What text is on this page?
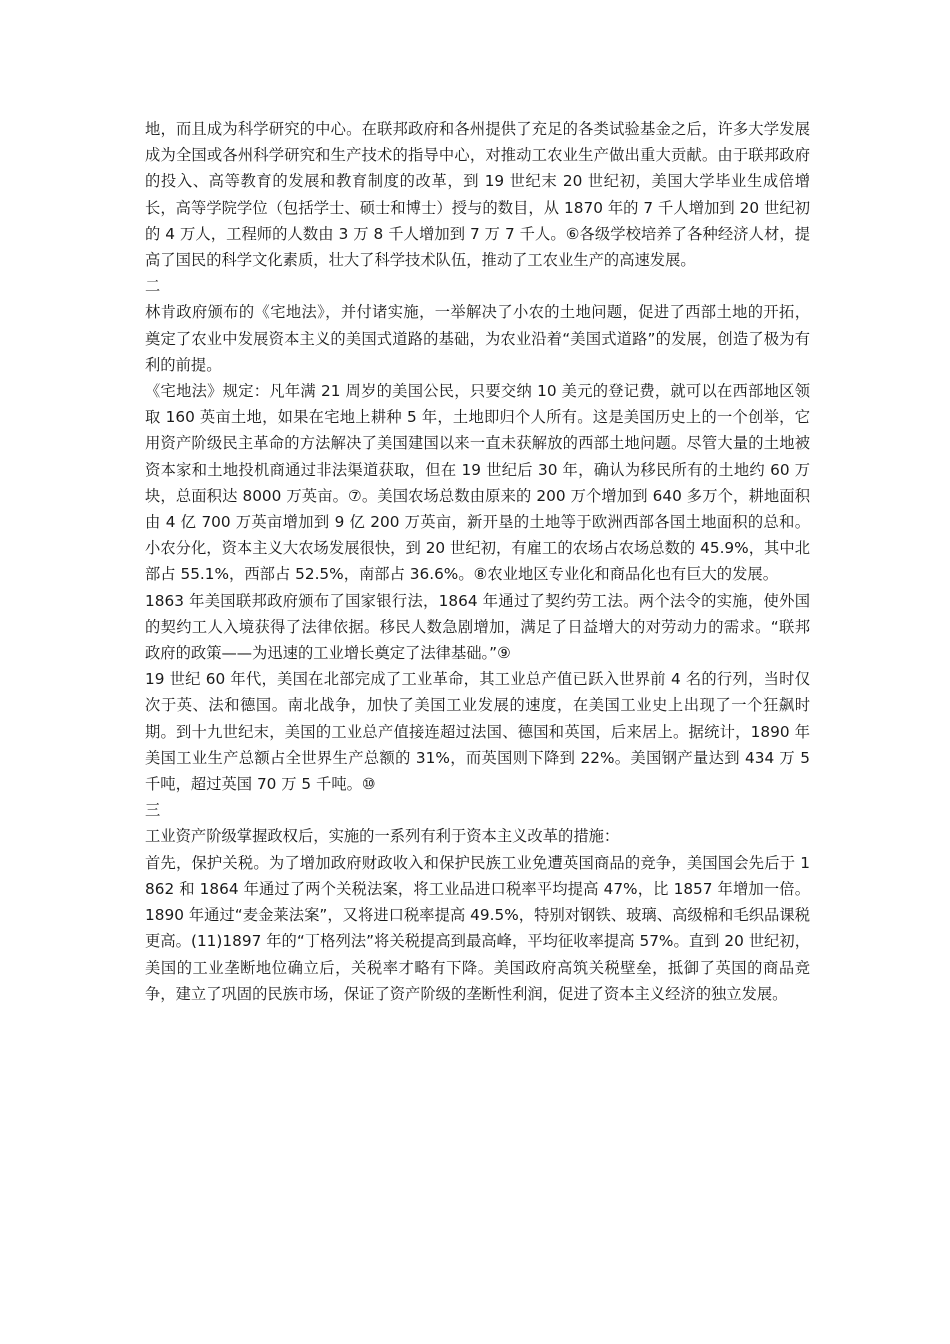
地，而且成为科学研究的中心。在联邦政府和各州提供了充足的各类试验基金之后，许多大学发展成为全国或各州科学研究和生产技术的指导中心，对推动工农业生产做出重大贡献。由于联邦政府的投入、高等教育的发展和教育制度的改革，到 19 世纪末 20 世纪初，美国大学毕业生成倍增长，高等学院学位（包括学士、硕士和博士）授与的数目，从 1870 年的 7 千人增加到 20 世纪初的 4 万人，工程师的人数由 3 万 8 千人增加到 7 万 7 千人。⑥各级学校培养了各种经济人材，提高了国民的科学文化素质，壮大了科学技术队伍，推动了工农业生产的高速发展。

二

林肯政府颁布的《宅地法》，并付诸实施，一举解决了小农的土地问题，促进了西部土地的开拓，奠定了农业中发展资本主义的美国式道路的基础，为农业沿着“美国式道路”的发展，创造了极为有利的前提。

《宅地法》规定：凡年满 21 周岁的美国公民，只要交纳 10 美元的登记费，就可以在西部地区领取 160 英亩土地，如果在宅地上耕种 5 年，土地即归个人所有。这是美国历史上的一个创举，它用资产阶级民主革命的方法解决了美国建国以来一直未获解放的西部土地问题。尽管大量的土地被资本家和土地投机商通过非法渠道获取，但在 19 世纪后 30 年，确认为移民所有的土地约 60 万块，总面积达 8000 万英亩。⑦。美国农场总数由原来的 200 万个增加到 640 多万个，耕地面积由 4 亿 700 万英亩增加到 9 亿 200 万英亩，新开垦的土地等于欧洲西部各国土地面积的总和。小农分化，资本主义大农场发展很快，到 20 世纪初，有雇工的农场占农场总数的 45.9%，其中北部占 55.1%，西部占 52.5%，南部占 36.6%。⑧农业地区专业化和商品化也有巨大的发展。

1863 年美国联邦政府颁布了国家银行法，1864 年通过了契约劳工法。两个法令的实施，使外国的契约工人入境获得了法律依据。移民人数急剧增加，满足了日益增大的对劳动力的需求。“联邦政府的政策——为迅速的工业增长奠定了法律基础。”⑨

19 世纪 60 年代，美国在北部完成了工业革命，其工业总产值已跃入世界前 4 名的行列，当时仅次于英、法和德国。南北战争，加快了美国工业发展的速度，在美国工业史上出现了一个狂飙时期。到十九世纪末，美国的工业总产值接连超过法国、德国和英国，后来居上。据统计，1890 年美国工业生产总额占全世界生产总额的 31%，而英国则下降到 22%。美国钢产量达到 434 万 5 千吨，超过英国 70 万 5 千吨。⑩

三

工业资产阶级掌握政权后，实施的一系列有利于资本主义改革的措施：

首先，保护关税。为了增加政府财政收入和保护民族工业免遭英国商品的竞争，美国国会先后于 1862 和 1864 年通过了两个关税法案，将工业品进口税率平均提高 47%，比 1857 年增加一倍。1890 年通过“麦金莱法案”，又将进口税率提高 49.5%，特别对钢铁、玻璃、高级棉和毛织品课税更高。(11)1897 年的“丁格列法”将关税提高到最高峰，平均征收率提高 57%。直到 20 世纪初，美国的工业垄断地位确立后，关税率才略有下降。美国政府高筑关税壁垒，抵御了英国的商品竞争，建立了巩固的民族市场，保证了资产阶级的垄断性利润，促进了资本主义经济的独立发展。
